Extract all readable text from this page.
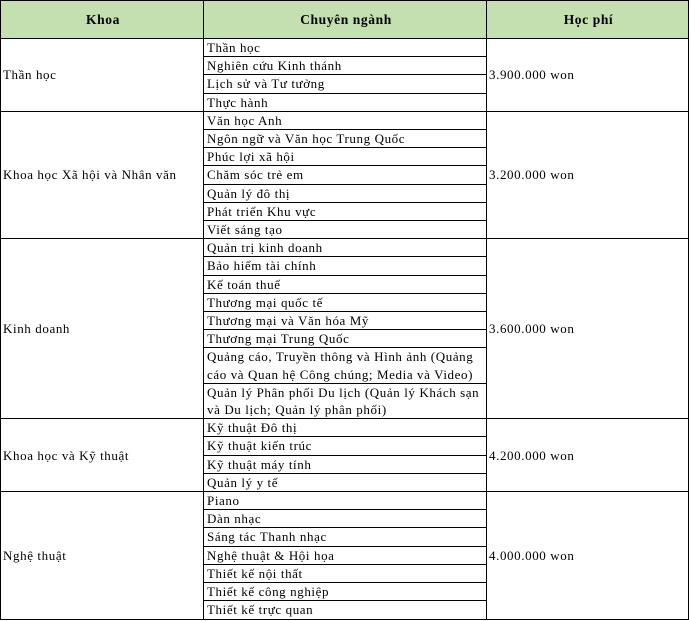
Khoa	Chuyên ngành	Học phí
Thần học	Thần học	3.900.000 won
	Nghiên cứu Kinh thánh	
	Lịch sử và Tư tưởng	
	Thực hành	
Khoa học Xã hội và Nhân văn	Văn học Anh	3.200.000 won
	Ngôn ngữ và Văn học Trung Quốc	
	Phúc lợi xã hội	
	Chăm sóc trẻ em	
	Quản lý đô thị	
	Phát triển Khu vực	
	Viết sáng tạo	
Kinh doanh	Quản trị kinh doanh	3.600.000 won
	Bảo hiểm tài chính	
	Kế toán thuế	
	Thương mại quốc tế	
	Thương mại và Văn hóa Mỹ	
	Thương mại Trung Quốc	
	Quảng cáo, Truyền thông và Hình ảnh (Quảng cáo và Quan hệ Công chúng; Media và Video)	
	Quản lý Phân phối Du lịch (Quản lý Khách sạn và Du lịch; Quản lý phân phối)	
Khoa học và Kỹ thuật	Kỹ thuật Đô thị	4.200.000 won
	Kỹ thuật kiến trúc	
	Kỹ thuật máy tính	
	Quản lý y tế	
Nghệ thuật	Piano	4.000.000 won
	Dàn nhạc	
	Sáng tác Thanh nhạc	
	Nghệ thuật & Hội họa	
	Thiết kế nội thất	
	Thiết kế công nghiệp	
	Thiết kế trực quan	
